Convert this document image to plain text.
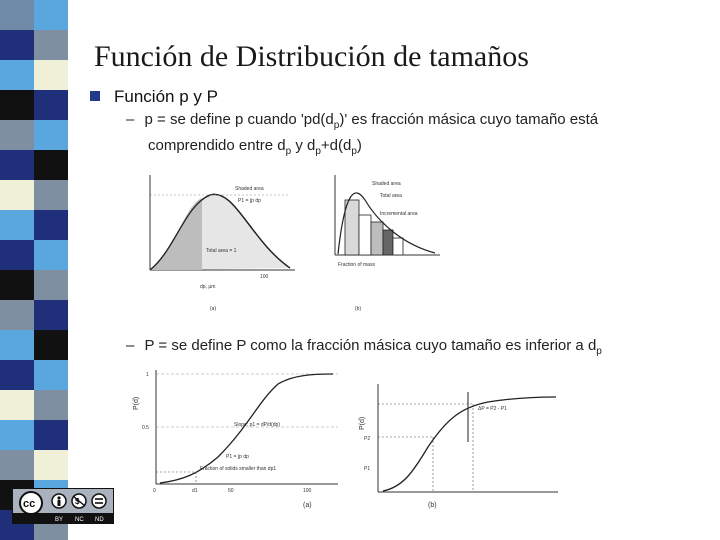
Función de Distribución de tamaños
Función p y P
– p = se define p cuando '$pd(d_p)$' es fracción másica cuyo tamaño está
comprendido entre $d_p$ y $d_p+d(d_p)$
Shaded area
P1 = ∫p dp
Total area = 1
100
dp, µm
(a)
Shaded area
Total area
Incremental area
Fraction of mass
(b)
– P = se define P como la fracción másica cuyo tamaño es inferior a $d_p$
P(d)
0.5
1
0	50	100
d1
Slope: p1 = dP/d(dp)
P1 = ∫p dp
Fraction of solids smaller than dp1
(a)
P(d)
P2
P1
ΔP = P2 - P1
(b)
cc	$
BY NC ND
